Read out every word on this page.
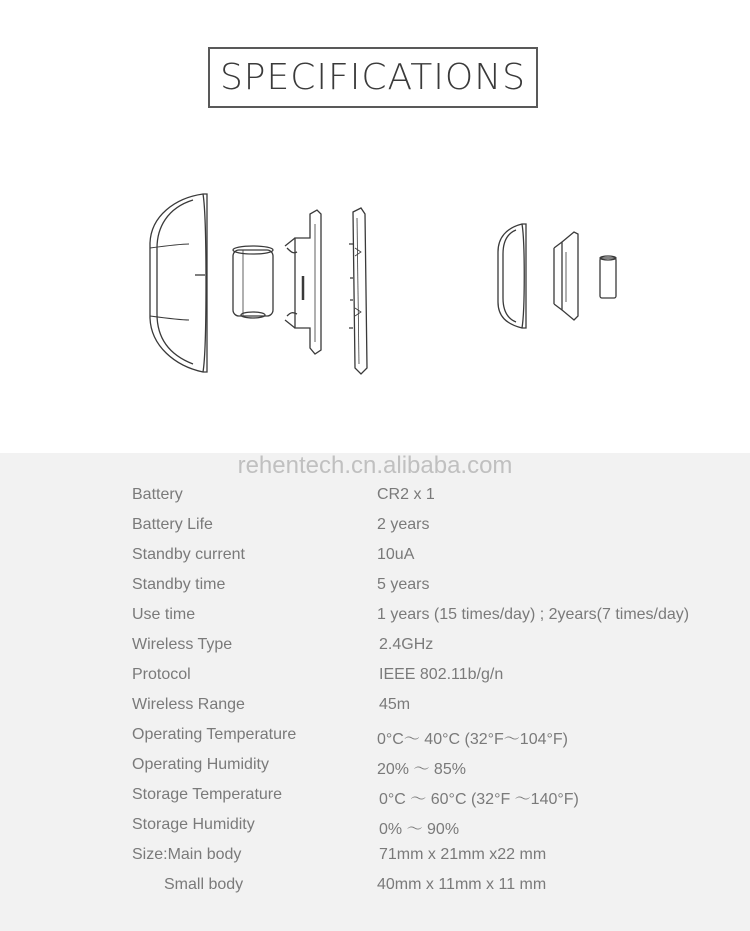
SPECIFICATIONS
rehentech.cn.alibaba.com
Battery	CR2 x 1
Battery Life	2 years
Standby current	10uA
Standby time	5 years
Use time	1 years (15 times/day) ; 2years(7 times/day)
Wireless Type	2.4GHz
Protocol	IEEE 802.11b/g/n
Wireless Range	45m
Operating Temperature	0°C～ 40°C (32°F～104°F)
Operating Humidity	20% ～ 85%
Storage Temperature	0°C ～ 60°C (32°F ～140°F)
Storage Humidity	0% ～ 90%
Size:Main body	71mm x 21mm x22 mm
Small body	40mm x 11mm x 11 mm
